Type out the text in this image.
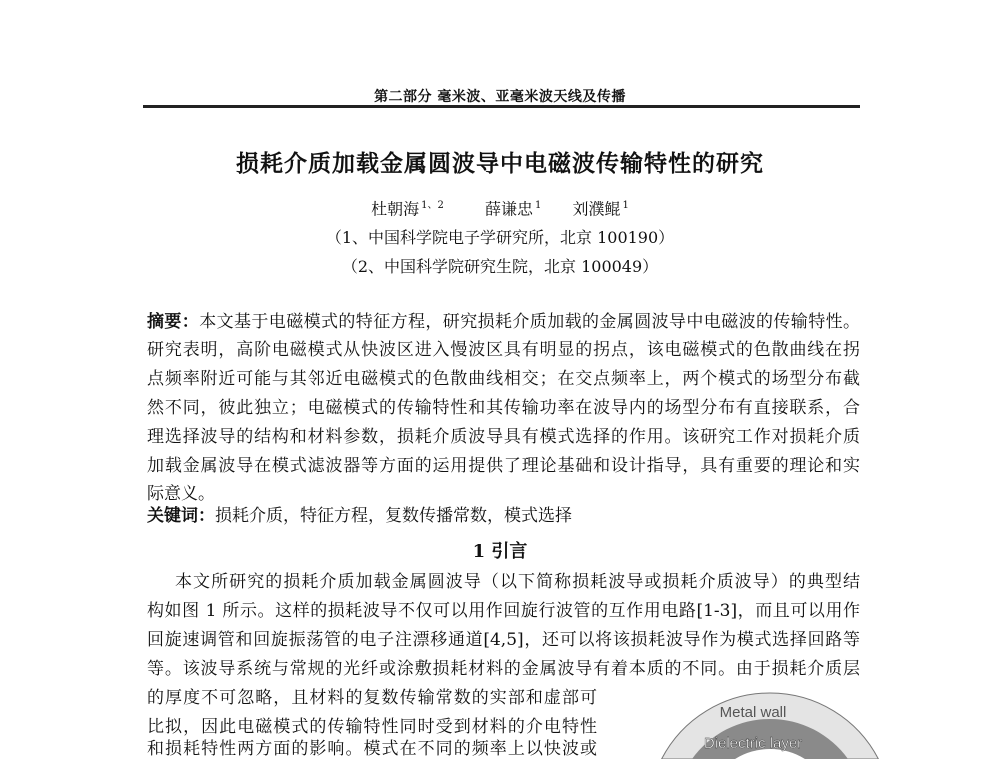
第二部分 毫米波、亚毫米波天线及传播
损耗介质加载金属圆波导中电磁波传输特性的研究
杜朝海 $^{1、2}$	薛谦忠 $^1$ 刘濮鲲 $^1$
（1、中国科学院电子学研究所，北京 100190）
（2、中国科学院研究生院，北京 100049）
摘要：本文基于电磁模式的特征方程，研究损耗介质加载的金属圆波导中电磁波的传输特性。
研究表明，高阶电磁模式从快波区进入慢波区具有明显的拐点，该电磁模式的色散曲线在拐
点频率附近可能与其邻近电磁模式的色散曲线相交；在交点频率上，两个模式的场型分布截
然不同，彼此独立；电磁模式的传输特性和其传输功率在波导内的场型分布有直接联系，合
理选择波导的结构和材料参数，损耗介质波导具有模式选择的作用。该研究工作对损耗介质
加载金属波导在模式滤波器等方面的运用提供了理论基础和设计指导，具有重要的理论和实
际意义。
关键词：损耗介质，特征方程，复数传播常数，模式选择
1 引言
本文所研究的损耗介质加载金属圆波导（以下简称损耗波导或损耗介质波导）的典型结
构如图 1 所示。这样的损耗波导不仅可以用作回旋行波管的互作用电路[1-3]，而且可以用作
回旋速调管和回旋振荡管的电子注漂移通道[4,5]，还可以将该损耗波导作为模式选择回路等
等。该波导系统与常规的光纤或涂敷损耗材料的金属波导有着本质的不同。由于损耗介质层
的厚度不可忽略，且材料的复数传输常数的实部和虚部可
比拟，因此电磁模式的传输特性同时受到材料的介电特性
和损耗特性两方面的影响。模式在不同的频率上以快波或
Metal wall
Dielectric layer
